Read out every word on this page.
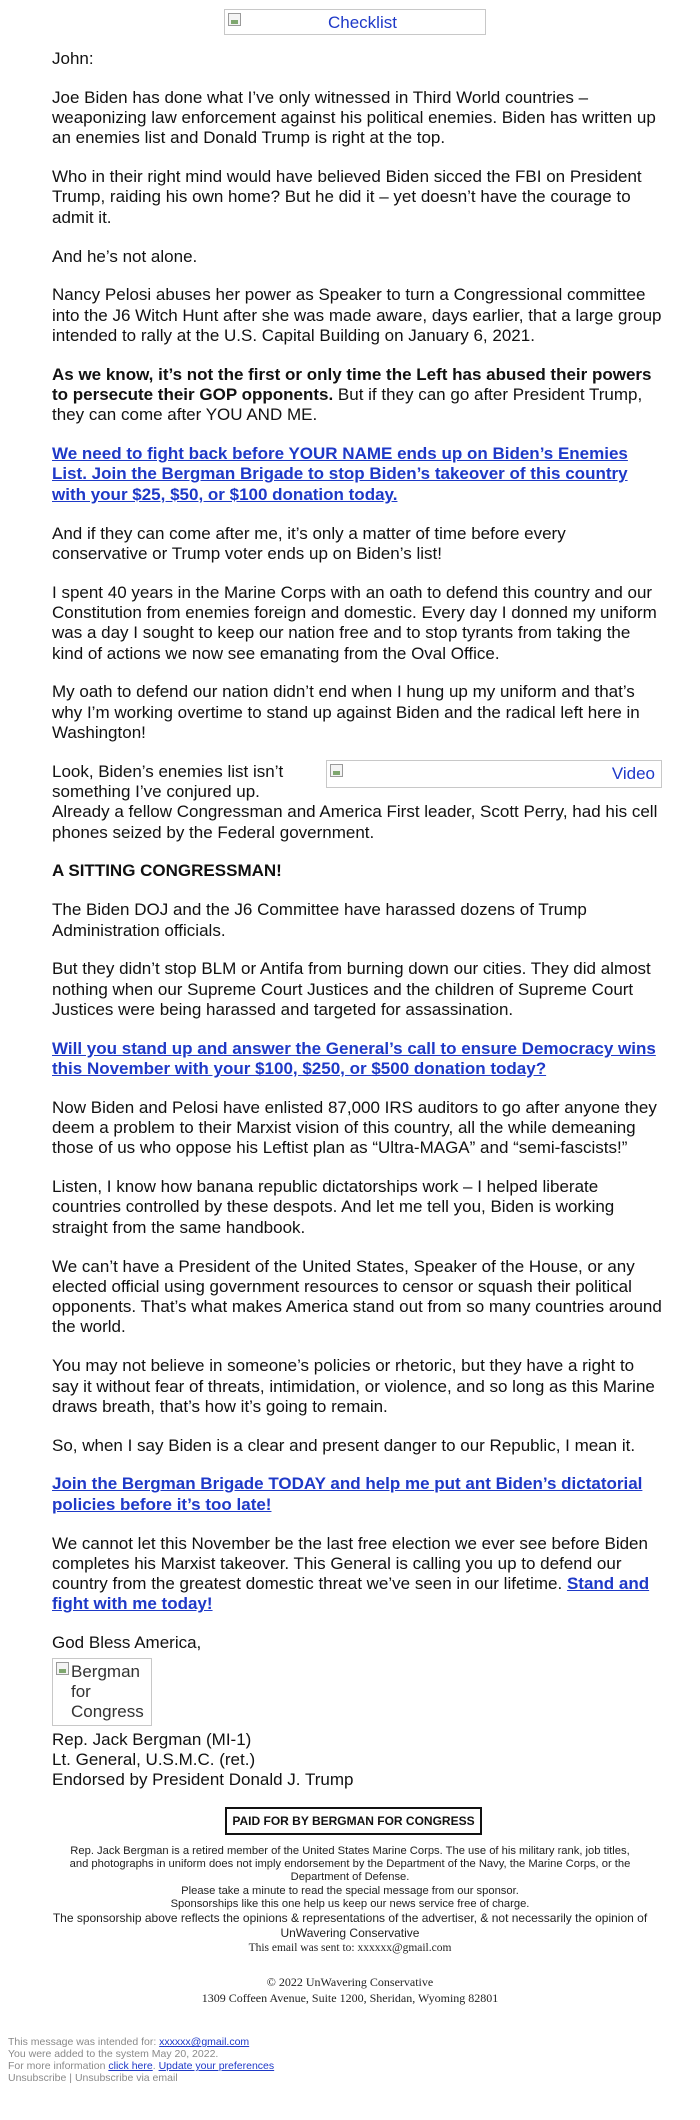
Checklist

John:

Joe Biden has done what I’ve only witnessed in Third World countries – weaponizing law enforcement against his political enemies. Biden has written up an enemies list and Donald Trump is right at the top.

Who in their right mind would have believed Biden sicced the FBI on President Trump, raiding his own home? But he did it – yet doesn’t have the courage to admit it.

And he’s not alone.

Nancy Pelosi abuses her power as Speaker to turn a Congressional committee into the J6 Witch Hunt after she was made aware, days earlier, that a large group intended to rally at the U.S. Capital Building on January 6, 2021.

As we know, it’s not the first or only time the Left has abused their powers to persecute their GOP opponents. But if they can go after President Trump, they can come after YOU AND ME.

We need to fight back before YOUR NAME ends up on Biden’s Enemies List. Join the Bergman Brigade to stop Biden’s takeover of this country with your $25, $50, or $100 donation today.

And if they can come after me, it’s only a matter of time before every conservative or Trump voter ends up on Biden’s list!

I spent 40 years in the Marine Corps with an oath to defend this country and our Constitution from enemies foreign and domestic. Every day I donned my uniform was a day I sought to keep our nation free and to stop tyrants from taking the kind of actions we now see emanating from the Oval Office.

My oath to defend our nation didn’t end when I hung up my uniform and that’s why I’m working overtime to stand up against Biden and the radical left here in Washington!

Video
Look, Biden’s enemies list isn’t something I’ve conjured up. Already a fellow Congressman and America First leader, Scott Perry, had his cell phones seized by the Federal government.

A SITTING CONGRESSMAN!

The Biden DOJ and the J6 Committee have harassed dozens of Trump Administration officials.

But they didn’t stop BLM or Antifa from burning down our cities. They did almost nothing when our Supreme Court Justices and the children of Supreme Court Justices were being harassed and targeted for assassination.

Will you stand up and answer the General’s call to ensure Democracy wins this November with your $100, $250, or $500 donation today?

Now Biden and Pelosi have enlisted 87,000 IRS auditors to go after anyone they deem a problem to their Marxist vision of this country, all the while demeaning those of us who oppose his Leftist plan as “Ultra-MAGA” and “semi-fascists!”

Listen, I know how banana republic dictatorships work – I helped liberate countries controlled by these despots. And let me tell you, Biden is working straight from the same handbook.

We can’t have a President of the United States, Speaker of the House, or any elected official using government resources to censor or squash their political opponents. That’s what makes America stand out from so many countries around the world.

You may not believe in someone’s policies or rhetoric, but they have a right to say it without fear of threats, intimidation, or violence, and so long as this Marine draws breath, that’s how it’s going to remain.

So, when I say Biden is a clear and present danger to our Republic, I mean it.

Join the Bergman Brigade TODAY and help me put ant Biden’s dictatorial policies before it’s too late!

We cannot let this November be the last free election we ever see before Biden completes his Marxist takeover. This General is calling you up to defend our country from the greatest domestic threat we’ve seen in our lifetime. Stand and fight with me today!

God Bless America,
Bergman for Congress
Rep. Jack Bergman (MI-1)
Lt. General, U.S.M.C. (ret.)
Endorsed by President Donald J. Trump
PAID FOR BY BERGMAN FOR CONGRESS
Rep. Jack Bergman is a retired member of the United States Marine Corps. The use of his military rank, job titles, and photographs in uniform does not imply endorsement by the Department of the Navy, the Marine Corps, or the Department of Defense.
Please take a minute to read the special message from our sponsor.
Sponsorships like this one help us keep our news service free of charge.
The sponsorship above reflects the opinions & representations of the advertiser, & not necessarily the opinion of UnWavering Conservative
This email was sent to: xxxxxx@gmail.com
© 2022 UnWavering Conservative
1309 Coffeen Avenue, Suite 1200, Sheridan, Wyoming 82801
This message was intended for: xxxxxx@gmail.com
You were added to the system May 20, 2022.
For more information click here. Update your preferences
Unsubscribe | Unsubscribe via email
